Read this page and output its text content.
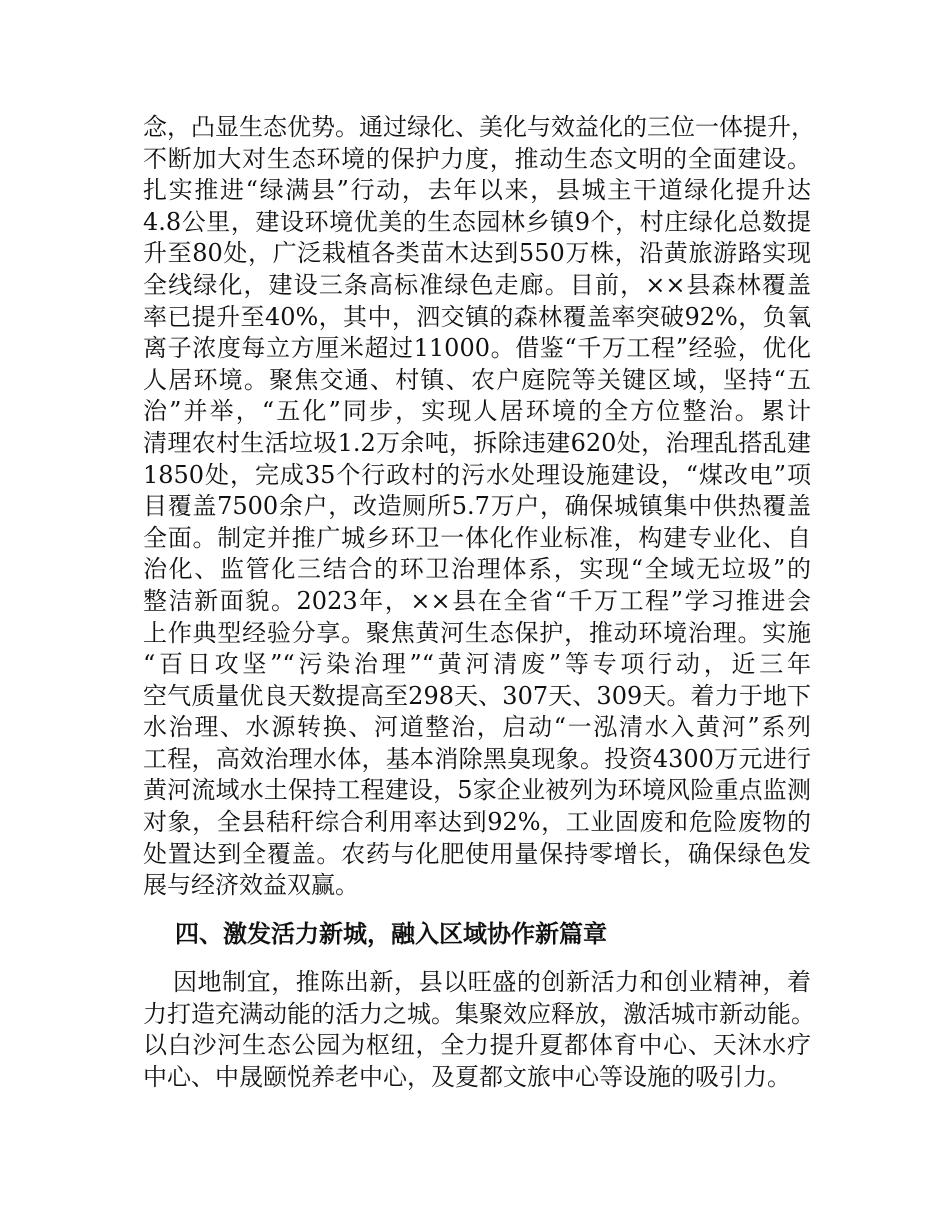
念，凸显生态优势。通过绿化、美化与效益化的三位一体提升，
不断加大对生态环境的保护力度，推动生态文明的全面建设。
扎实推进“绿满县”行动，去年以来，县城主干道绿化提升达
4.8公里，建设环境优美的生态园林乡镇9个，村庄绿化总数提
升至80处，广泛栽植各类苗木达到550万株，沿黄旅游路实现
全线绿化，建设三条高标准绿色走廊。目前，××县森林覆盖
率已提升至40%，其中，泗交镇的森林覆盖率突破92%，负氧
离子浓度每立方厘米超过11000。借鉴“千万工程”经验，优化
人居环境。聚焦交通、村镇、农户庭院等关键区域，坚持“五
治”并举，“五化”同步，实现人居环境的全方位整治。累计
清理农村生活垃圾1.2万余吨，拆除违建620处，治理乱搭乱建
1850处，完成35个行政村的污水处理设施建设，“煤改电”项
目覆盖7500余户，改造厕所5.7万户，确保城镇集中供热覆盖
全面。制定并推广城乡环卫一体化作业标准，构建专业化、自
治化、监管化三结合的环卫治理体系，实现“全域无垃圾”的
整洁新面貌。2023年，××县在全省“千万工程”学习推进会
上作典型经验分享。聚焦黄河生态保护，推动环境治理。实施
“百日攻坚”“污染治理”“黄河清废”等专项行动，近三年
空气质量优良天数提高至298天、307天、309天。着力于地下
水治理、水源转换、河道整治，启动“一泓清水入黄河”系列
工程，高效治理水体，基本消除黑臭现象。投资4300万元进行
黄河流域水土保持工程建设，5家企业被列为环境风险重点监测
对象，全县秸秆综合利用率达到92%，工业固废和危险废物的
处置达到全覆盖。农药与化肥使用量保持零增长，确保绿色发
展与经济效益双赢。
四、激发活力新城，融入区域协作新篇章
因地制宜，推陈出新，县以旺盛的创新活力和创业精神，着
力打造充满动能的活力之城。集聚效应释放，激活城市新动能。
以白沙河生态公园为枢纽，全力提升夏都体育中心、天沐水疗
中心、中晟颐悦养老中心，及夏都文旅中心等设施的吸引力。
